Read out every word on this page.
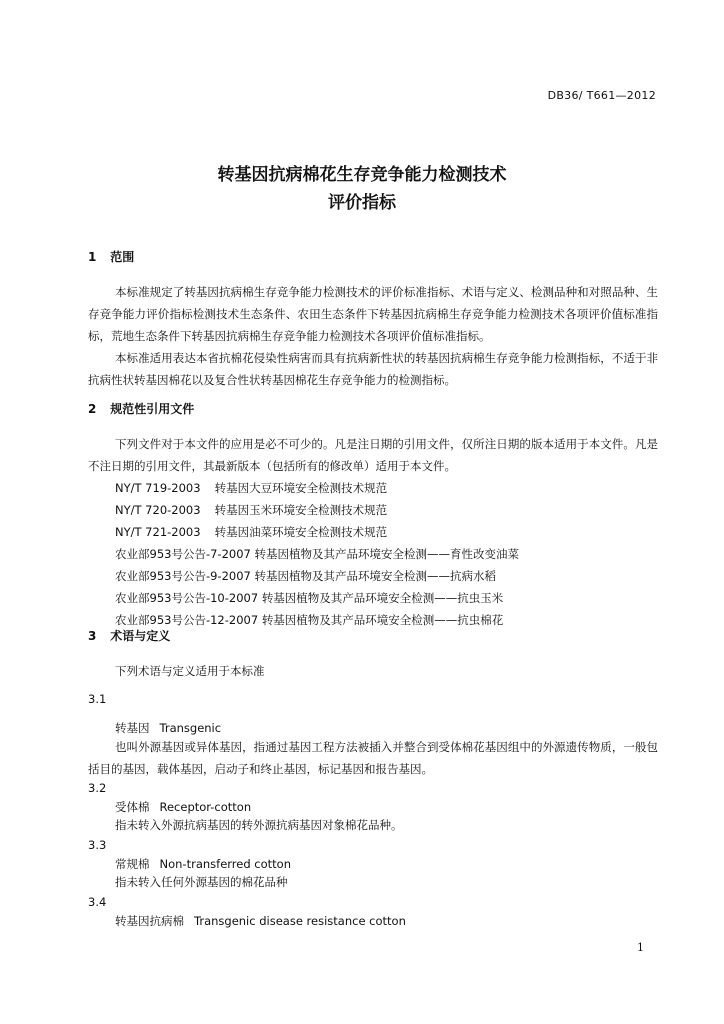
DB36/ T661—2012
转基因抗病棉花生存竞争能力检测技术
评价指标
1 范围

本标准规定了转基因抗病棉生存竞争能力检测技术的评价标准指标、术语与定义、检测品种和对照品种、生存竞争能力评价指标检测技术生态条件、农田生态条件下转基因抗病棉生存竞争能力检测技术各项评价值标准指标，荒地生态条件下转基因抗病棉生存竞争能力检测技术各项评价值标准指标。

本标准适用表达本省抗棉花侵染性病害而具有抗病新性状的转基因抗病棉生存竞争能力检测指标，不适于非抗病性状转基因棉花以及复合性状转基因棉花生存竞争能力的检测指标。

2 规范性引用文件

下列文件对于本文件的应用是必不可少的。凡是注日期的引用文件，仅所注日期的版本适用于本文件。凡是不注日期的引用文件，其最新版本（包括所有的修改单）适用于本文件。

NY/T 719-2003 转基因大豆环境安全检测技术规范

NY/T 720-2003 转基因玉米环境安全检测技术规范

NY/T 721-2003 转基因油菜环境安全检测技术规范

农业部953号公告-7-2007 转基因植物及其产品环境安全检测——育性改变油菜

农业部953号公告-9-2007 转基因植物及其产品环境安全检测——抗病水稻

农业部953号公告-10-2007 转基因植物及其产品环境安全检测——抗虫玉米

农业部953号公告-12-2007 转基因植物及其产品环境安全检测——抗虫棉花

3 术语与定义

下列术语与定义适用于本标准

3.1
转基因 Transgenic

也叫外源基因或异体基因，指通过基因工程方法被插入并整合到受体棉花基因组中的外源遗传物质，一般包括目的基因，载体基因，启动子和终止基因，标记基因和报告基因。

3.2
受体棉 Receptor-cotton

指未转入外源抗病基因的转外源抗病基因对象棉花品种。

3.3
常规棉 Non-transferred cotton

指未转入任何外源基因的棉花品种

3.4
转基因抗病棉 Transgenic disease resistance cotton
1
